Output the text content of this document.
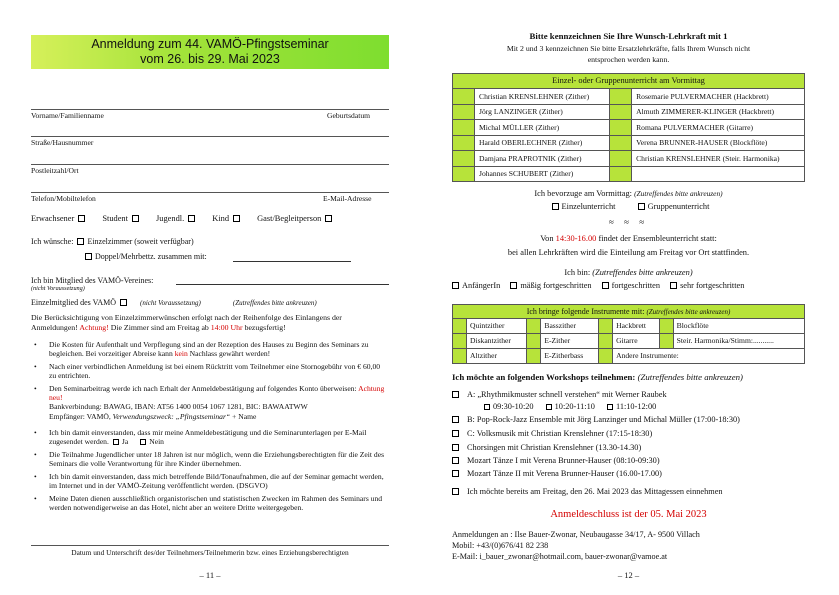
Anmeldung zum 44. VAMÖ-Pfingstseminar
vom 26. bis 29. Mai 2023
Vorname/Familienname	Geburtsdatum
Straße/Hausnummer
Postleitzahl/Ort
Telefon/Mobiltelefon	E-Mail-Adresse
Erwachsener	Student	Jugendl.	Kind	Gast/Begleitperson
Ich wünsche: Einzelzimmer (soweit verfügbar)
Doppel/Mehrbettz. zusammen mit:
Ich bin Mitglied des VAMÖ-Vereines:
(nicht Voraussetzung)
Einzelmitglied des VAMÖ	(nicht Voraussetzung)	(Zutreffendes bitte ankreuzen)
Die Berücksichtigung von Einzelzimmerwünschen erfolgt nach der Reihenfolge des Einlangens der Anmeldungen! Achtung! Die Zimmer sind am Freitag ab 14:00 Uhr bezugsfertig!
• Die Kosten für Aufenthalt und Verpflegung sind an der Rezeption des Hauses zu Beginn des Seminars zu begleichen. Bei vorzeitiger Abreise kann kein Nachlass gewährt werden!
• Nach einer verbindlichen Anmeldung ist bei einem Rücktritt vom Teilnehmer eine Stornogebühr von € 60,00 zu entrichten.
• Den Seminarbeitrag werde ich nach Erhalt der Anmeldebestätigung auf folgendes Konto überweisen: Achtung neu!
Bankverbindung: BAWAG, IBAN: AT56 1400 0054 1067 1281, BIC: BAWAATWW
Empfänger: VAMÖ, Verwendungszweck: „Pfingstseminar“ + Name
• Ich bin damit einverstanden, dass mir meine Anmeldebestätigung und die Seminarunterlagen per E-Mail zugesendet werden. Ja	Nein
• Die Teilnahme Jugendlicher unter 18 Jahren ist nur möglich, wenn die Erziehungsberechtigten für die Zeit des Seminars die volle Verantwortung für ihre Kinder übernehmen.
• Ich bin damit einverstanden, dass mich betreffende Bild/Tonaufnahmen, die auf der Seminar gemacht werden, im Internet und in der VAMÖ-Zeitung veröffentlicht werden. (DSGVO)
• Meine Daten dienen ausschließlich organistorischen und statistischen Zwecken im Rahmen des Seminars und werden notwendigerweise an das Hotel, nicht aber an weitere Dritte weitergegeben.
Datum und Unterschrift des/der Teilnehmers/Teilnehmerin bzw. eines Erziehungsberechtigten
– 11 –
Bitte kennzeichnen Sie Ihre Wunsch-Lehrkraft mit 1
Mit 2 und 3 kennzeichnen Sie bitte Ersatzlehrkräfte, falls Ihrem Wunsch nicht
entsprochen werden kann.
Einzel- oder Gruppenunterricht am Vormittag			
	Christian KRENSLEHNER (Zither)		Rosemarie PULVERMACHER (Hackbrett)
	Jörg LANZINGER (Zither)		Almuth ZIMMERER-KLINGER (Hackbrett)
	Michal MÜLLER (Zither)		Romana PULVERMACHER (Gitarre)
	Harald OBERLECHNER (Zither)		Verena BRUNNER-HAUSER (Blockflöte)
	Damjana PRAPROTNIK (Zither)		Christian KRENSLEHNER (Steir. Harmonika)
	Johannes SCHUBERT (Zither)		
Ich bevorzuge am Vormittag: (Zutreffendes bitte ankreuzen)
Einzelunterricht	Gruppenunterricht
≈ ≈ ≈
Von 14:30-16.00 findet der Ensembleunterricht statt:
bei allen Lehrkräften wird die Einteilung am Freitag vor Ort stattfinden.
Ich bin: (Zutreffendes bitte ankreuzen)
AnfängerIn mäßig fortgeschritten fortgeschritten sehr fortgeschritten
Ich bringe folgende Instrumente mit: (Zutreffendes bitte ankreuzen)							
	Quintzither		Basszither		Hackbrett		Blockflöte
	Diskantzither		E-Zither		Gitarre		Steir. Harmonika/Stimm:...........
	Altzither		E-Zitherbass		Andere Instrumente:		
Ich möchte an folgenden Workshops teilnehmen: (Zutreffendes bitte ankreuzen)
A: „Rhythmikmuster schnell verstehen“ mit Werner Raubek
09:30-10:20	10:20-11:10	11:10-12:00
B: Pop-Rock-Jazz Ensemble mit Jörg Lanzinger und Michal Müller (17:00-18:30)
C: Volksmusik mit Christian Krenslehner (17:15-18:30)
Chorsingen mit Christian Krenslehner (13.30-14.30)
Mozart Tänze I mit Verena Brunner-Hauser (08:10-09:30)
Mozart Tänze II mit Verena Brunner-Hauser (16.00-17.00)
Ich möchte bereits am Freitag, den 26. Mai 2023 das Mittagessen einnehmen
Anmeldeschluss ist der 05. Mai 2023
Anmeldungen an : Ilse Bauer-Zwonar, Neubaugasse 34/17, A- 9500 Villach
Mobil: +43/(0)676/41 82 238
E-Mail: i_bauer_zwonar@hotmail.com, bauer-zwonar@vamoe.at
– 12 –
